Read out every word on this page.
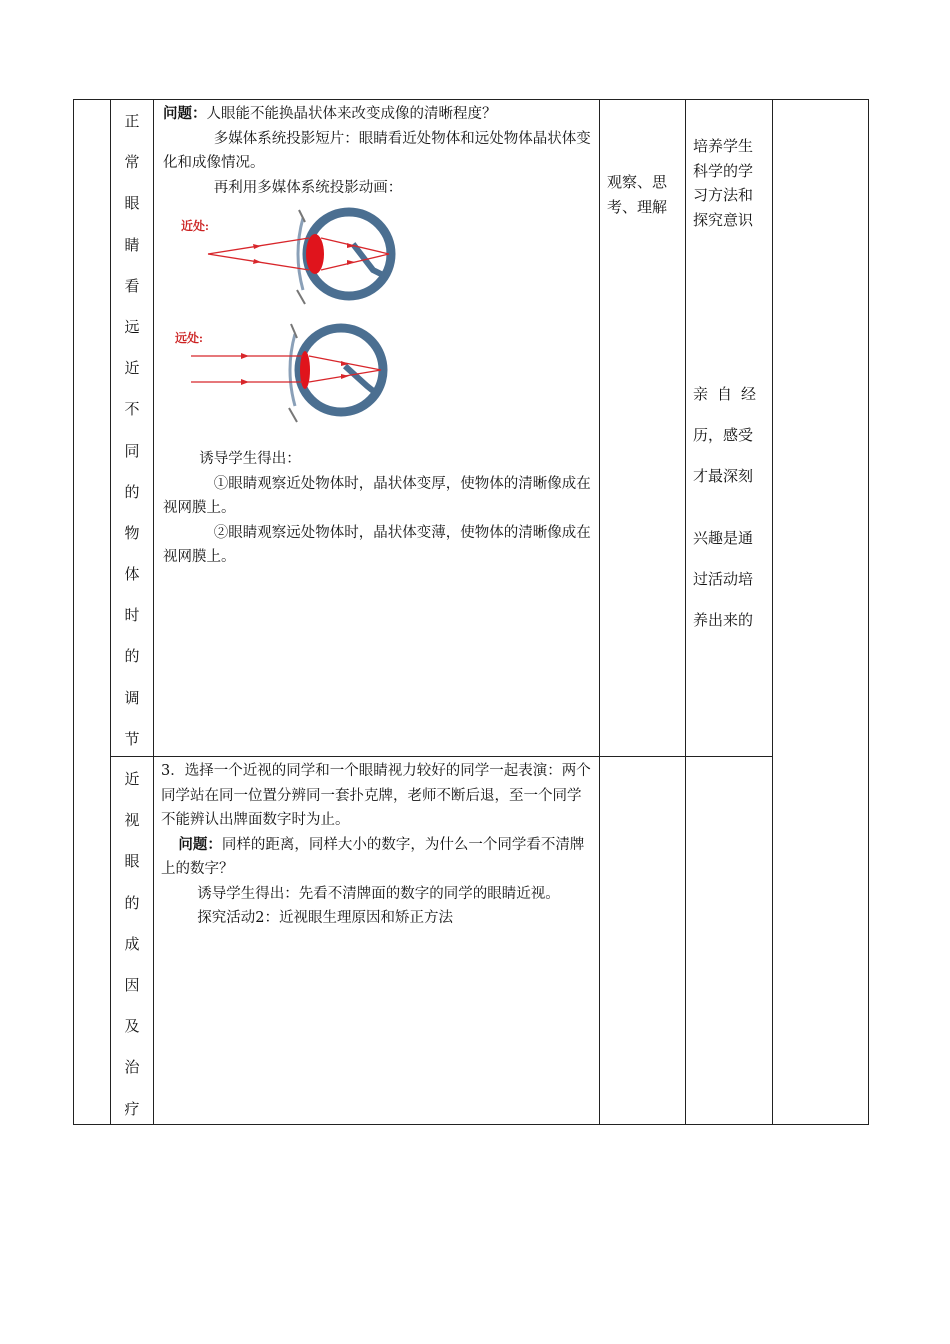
正
常
眼
睛
看
远
近
不
同
的
物
体
时
的
调
节

问题：人眼能不能换晶状体来改变成像的清晰程度？

多媒体系统投影短片：眼睛看近处物体和远处物体晶状体变化和成像情况。

再利用多媒体系统投影动画：

近处:
远处:

诱导学生得出：

①眼睛观察近处物体时，晶状体变厚，使物体的清晰像成在视网膜上。

②眼睛观察远处物体时，晶状体变薄，使物体的清晰像成在视网膜上。

观察、思考、理解

培养学生科学的学习方法和探究意识

亲自经

历，感受

才最深刻

兴趣是通

过活动培

养出来的

近
视
眼
的
成
因
及
治
疗

3．选择一个近视的同学和一个眼睛视力较好的同学一起表演：两个同学站在同一位置分辨同一套扑克牌，老师不断后退，至一个同学不能辨认出牌面数字时为止。

问题：同样的距离，同样大小的数字，为什么一个同学看不清牌上的数字？

诱导学生得出：先看不清牌面的数字的同学的眼睛近视。

探究活动2：近视眼生理原因和矫正方法
